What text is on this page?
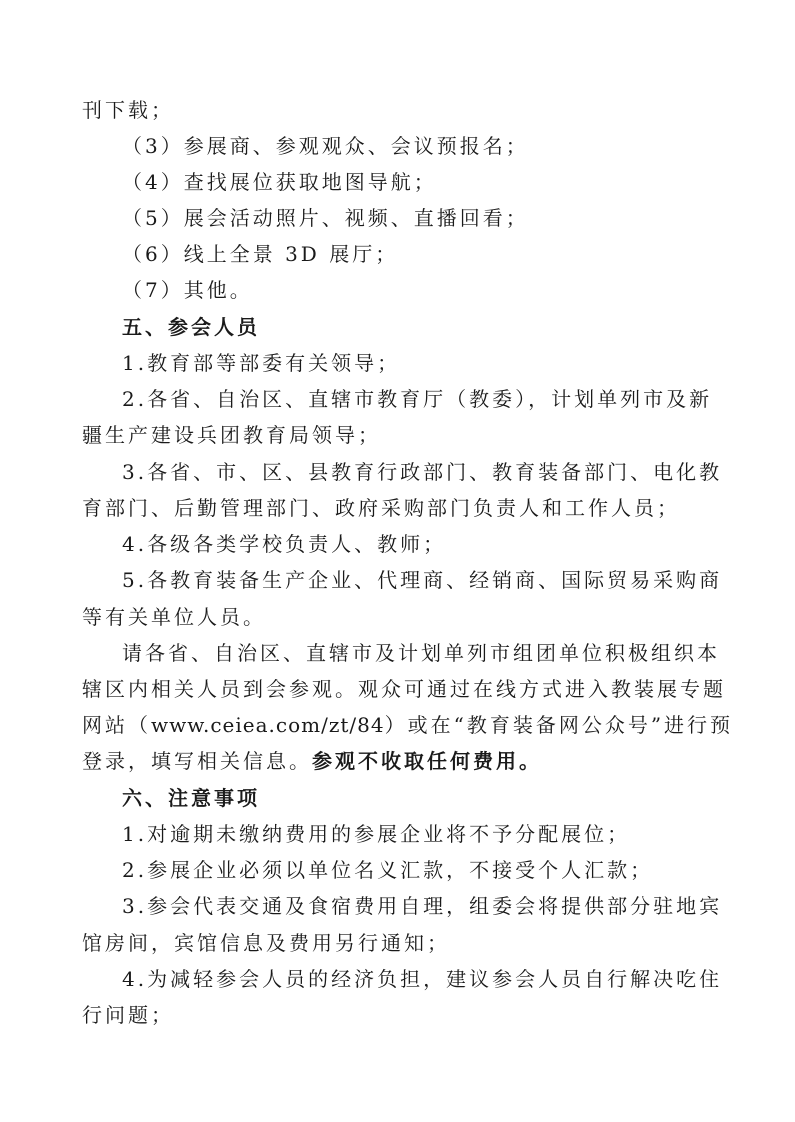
刊下载；
（3）参展商、参观观众、会议预报名；
（4）查找展位获取地图导航；
（5）展会活动照片、视频、直播回看；
（6）线上全景 3D 展厅；
（7）其他。
五、参会人员
1.教育部等部委有关领导；
2.各省、自治区、直辖市教育厅（教委），计划单列市及新
疆生产建设兵团教育局领导；
3.各省、市、区、县教育行政部门、教育装备部门、电化教
育部门、后勤管理部门、政府采购部门负责人和工作人员；
4.各级各类学校负责人、教师；
5.各教育装备生产企业、代理商、经销商、国际贸易采购商
等有关单位人员。
请各省、自治区、直辖市及计划单列市组团单位积极组织本
辖区内相关人员到会参观。观众可通过在线方式进入教装展专题
网站（www.ceiea.com/zt/84）或在“教育装备网公众号”进行预
登录，填写相关信息。参观不收取任何费用。
六、注意事项
1.对逾期未缴纳费用的参展企业将不予分配展位；
2.参展企业必须以单位名义汇款，不接受个人汇款；
3.参会代表交通及食宿费用自理，组委会将提供部分驻地宾
馆房间，宾馆信息及费用另行通知；
4.为减轻参会人员的经济负担，建议参会人员自行解决吃住
行问题；
